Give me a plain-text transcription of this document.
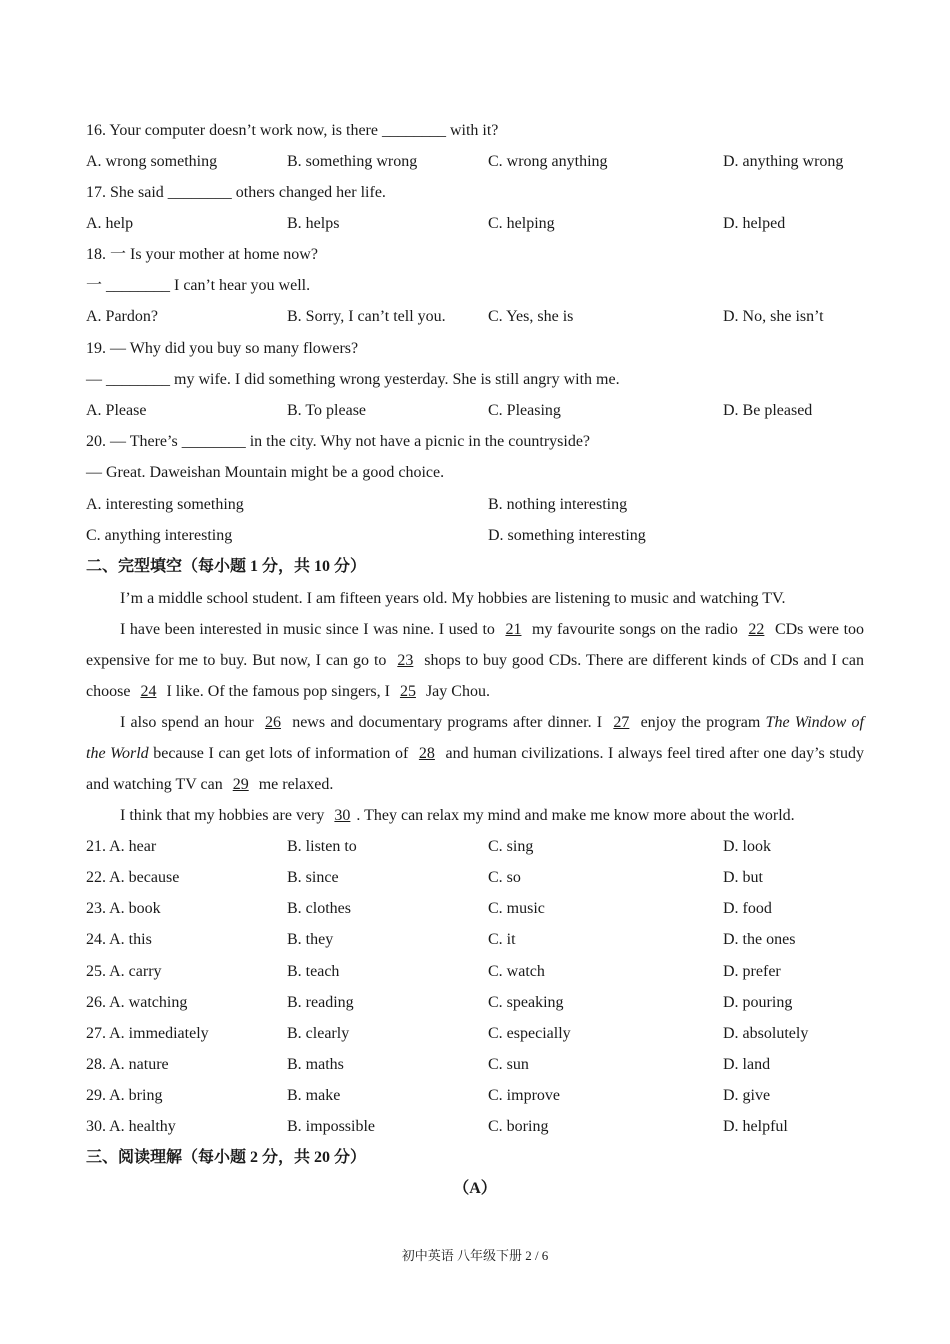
16. Your computer doesn’t work now, is there ________ with it?
A. wrong something	B. something wrong	C. wrong anything	D. anything wrong
17. She said ________ others changed her life.
A. help	B. helps	C. helping	D. helped
18. 一 Is your mother at home now?
一 ________ I can’t hear you well.
A. Pardon?	B. Sorry, I can’t tell you.	C. Yes, she is	D. No, she isn’t
19. — Why did you buy so many flowers?
— ________ my wife. I did something wrong yesterday. She is still angry with me.
A. Please	B. To please	C. Pleasing	D. Be pleased
20. — There’s ________ in the city. Why not have a picnic in the countryside?
— Great. Daweishan Mountain might be a good choice.
A. interesting something	B. nothing interesting
C. anything interesting	D. something interesting
二、完型填空（每小题 1 分，共 10 分）

I’m a middle school student. I am fifteen years old. My hobbies are listening to music and watching TV.

I have been interested in music since I was nine. I used to 21 my favourite songs on the radio 22 CDs were too expensive for me to buy. But now, I can go to 23 shops to buy good CDs. There are different kinds of CDs and I can choose 24 I like. Of the famous pop singers, I 25 Jay Chou.

I also spend an hour 26 news and documentary programs after dinner. I 27 enjoy the program The Window of the World because I can get lots of information of 28 and human civilizations. I always feel tired after one day’s study and watching TV can 29 me relaxed.

I think that my hobbies are very 30 . They can relax my mind and make me know more about the world.

21. A. hear	B. listen to	C. sing	D. look
22. A. because	B. since	C. so	D. but
23. A. book	B. clothes	C. music	D. food
24. A. this	B. they	C. it	D. the ones
25. A. carry	B. teach	C. watch	D. prefer
26. A. watching	B. reading	C. speaking	D. pouring
27. A. immediately	B. clearly	C. especially	D. absolutely
28. A. nature	B. maths	C. sun	D. land
29. A. bring	B. make	C. improve	D. give
30. A. healthy	B. impossible	C. boring	D. helpful
三、阅读理解（每小题 2 分，共 20 分）
（A）
初中英语 八年级下册 2 / 6
